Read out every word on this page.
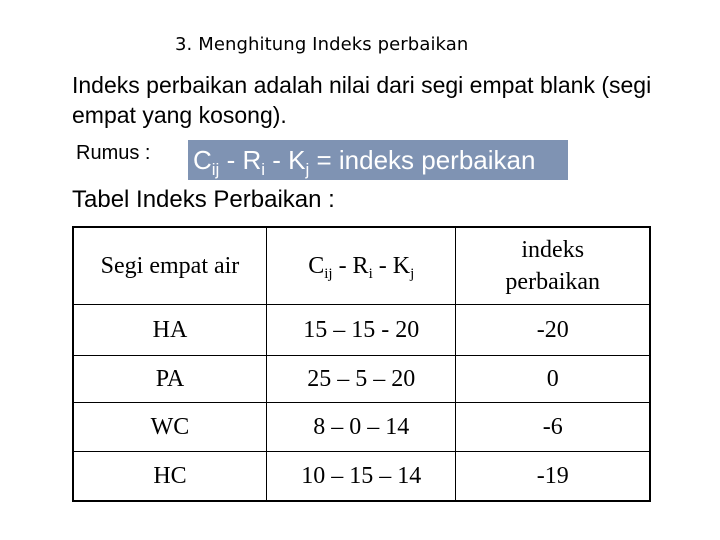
3. Menghitung Indeks perbaikan
Indeks perbaikan adalah nilai dari segi empat blank (segi empat yang kosong).
Rumus : $C_{ij} - R_i - K_j$ = indeks perbaikan
Tabel Indeks Perbaikan :
Segi empat air	$C_{ij} - R_i - K_j$	indeks
perbaikan
HA	15 – 15 - 20	-20
PA	25 – 5 – 20	0
WC	8 – 0 – 14	-6
HC	10 – 15 – 14	-19
